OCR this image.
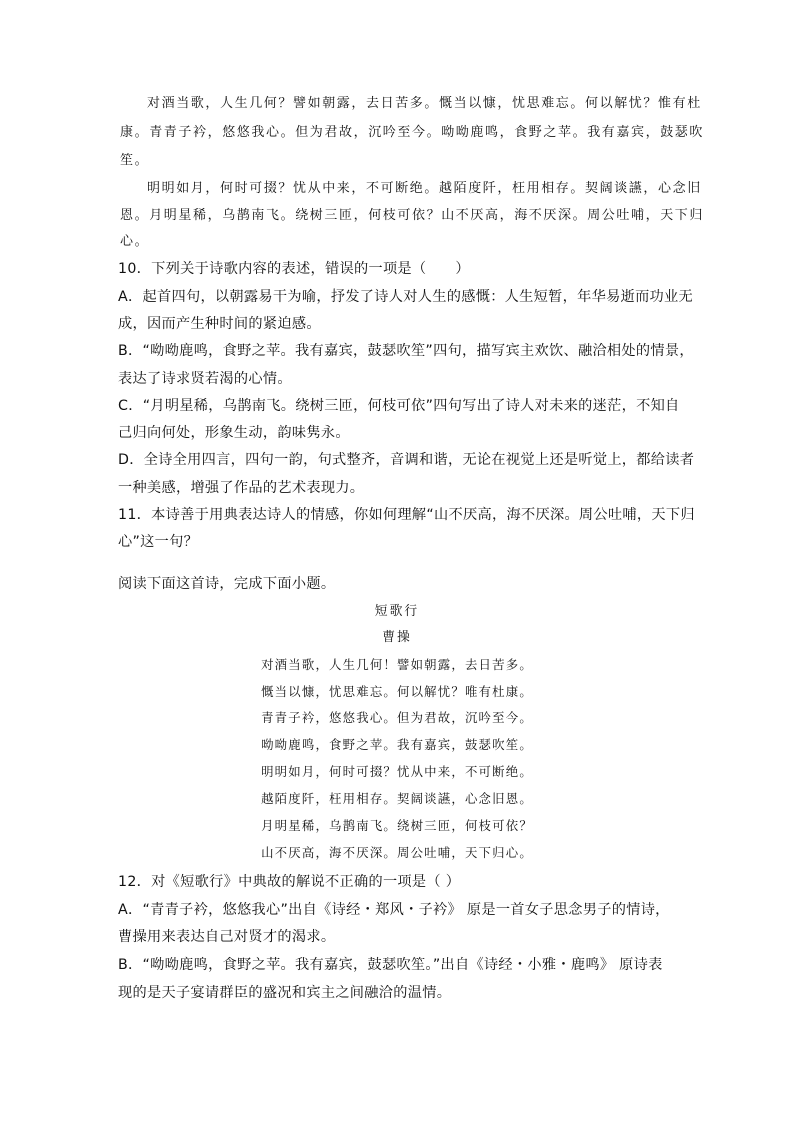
对酒当歌，人生几何？譬如朝露，去日苦多。慨当以慷，忧思难忘。何以解忧？惟有杜
康。青青子衿，悠悠我心。但为君故，沉吟至今。呦呦鹿鸣，食野之苹。我有嘉宾，鼓瑟吹
笙。
明明如月，何时可掇？忧从中来，不可断绝。越陌度阡，枉用相存。契阔谈讌，心念旧
恩。月明星稀，乌鹊南飞。绕树三匝，何枝可依？山不厌高，海不厌深。周公吐哺，天下归
心。
10．下列关于诗歌内容的表述，错误的一项是（　　）
A．起首四句，以朝露易干为喻，抒发了诗人对人生的感慨：人生短暂，年华易逝而功业无
成，因而产生种时间的紧迫感。
B．“呦呦鹿鸣，食野之苹。我有嘉宾，鼓瑟吹笙”四句，描写宾主欢饮、融洽相处的情景，
表达了诗求贤若渴的心情。
C．“月明星稀，乌鹊南飞。绕树三匝，何枝可依”四句写出了诗人对未来的迷茫，不知自
己归向何处，形象生动，韵味隽永。
D．全诗全用四言，四句一韵，句式整齐，音调和谐，无论在视觉上还是听觉上，都给读者
一种美感，增强了作品的艺术表现力。
11．本诗善于用典表达诗人的情感，你如何理解“山不厌高，海不厌深。周公吐哺，天下归
心”这一句？
阅读下面这首诗，完成下面小题。
短歌行
曹操
对酒当歌，人生几何！譬如朝露，去日苦多。
慨当以慷，忧思难忘。何以解忧？唯有杜康。
青青子衿，悠悠我心。但为君故，沉吟至今。
呦呦鹿鸣，食野之苹。我有嘉宾，鼓瑟吹笙。
明明如月，何时可掇？忧从中来，不可断绝。
越陌度阡，枉用相存。契阔谈讌，心念旧恩。
月明星稀，乌鹊南飞。绕树三匝，何枝可依？
山不厌高，海不厌深。周公吐哺，天下归心。
12．对《短歌行》中典故的解说不正确的一项是（ ）
A．“青青子衿，悠悠我心”出自《诗经・郑风・子衿》 原是一首女子思念男子的情诗，
曹操用来表达自己对贤才的渴求。
B．“呦呦鹿鸣，食野之苹。我有嘉宾，鼓瑟吹笙。”出自《诗经・小雅・鹿鸣》 原诗表
现的是天子宴请群臣的盛况和宾主之间融洽的温情。
